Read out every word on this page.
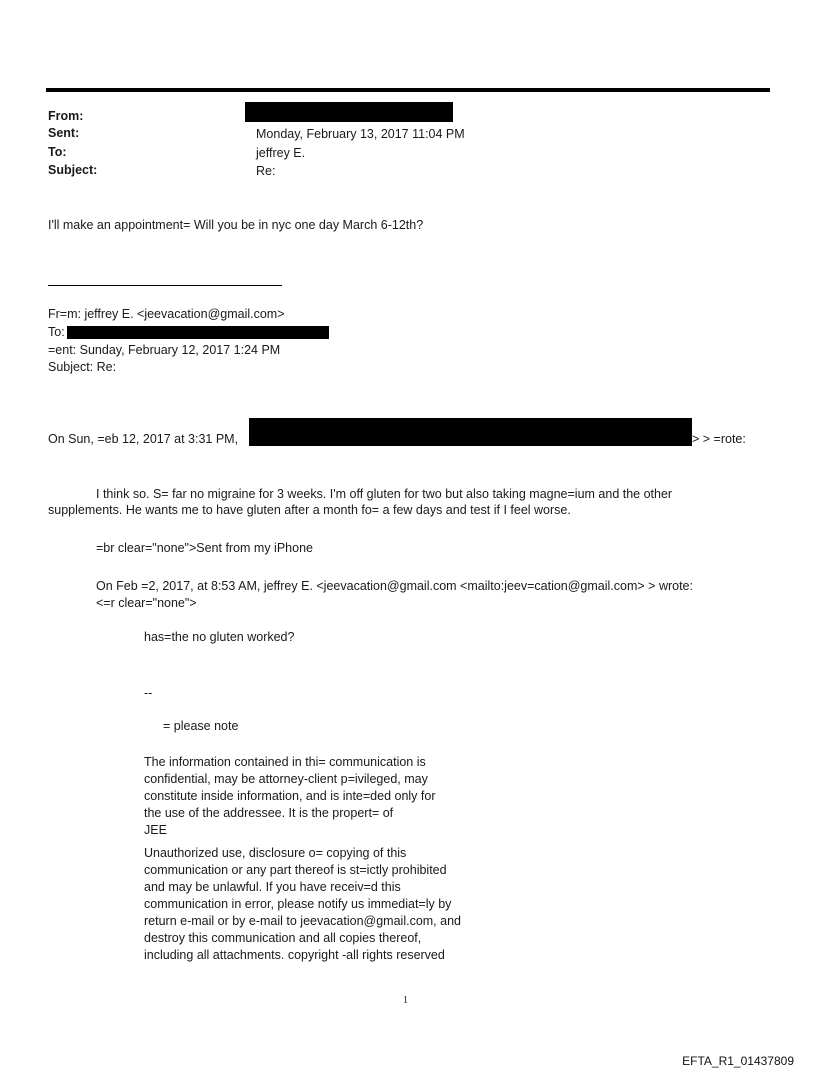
From:
Sent:	Monday, February 13, 2017 11:04 PM
To:	jeffrey E.
Subject:	Re:
I'll make an appointment= Will you be in nyc one day March 6-12th?
Fr=m: jeffrey E. <jeevacation@gmail.com>
To:
=ent: Sunday, February 12, 2017 1:24 PM
Subject: Re:
On Sun, =eb 12, 2017 at 3:31 PM,	> > =rote:
I think so. S= far no migraine for 3 weeks. I'm off gluten for two but also taking magne=ium and the other supplements. He wants me to have gluten after a month fo= a few days and test if I feel worse.
=br clear="none">Sent from my iPhone
On Feb =2, 2017, at 8:53 AM, jeffrey E. <jeevacation@gmail.com <mailto:jeev=cation@gmail.com> > wrote:
<=r clear="none">
has=the no gluten worked?
--
= please note
The information contained in thi= communication is
confidential, may be attorney-client p=ivileged, may
constitute inside information, and is inte=ded only for
the use of the addressee. It is the propert= of
JEE
Unauthorized use, disclosure o= copying of this
communication or any part thereof is st=ictly prohibited
and may be unlawful. If you have receiv=d this
communication in error, please notify us immediat=ly by
return e-mail or by e-mail to jeevacation@gmail.com, and
destroy this communication and all copies thereof,
including all attachments. copyright -all rights reserved
1
EFTA_R1_01437809
